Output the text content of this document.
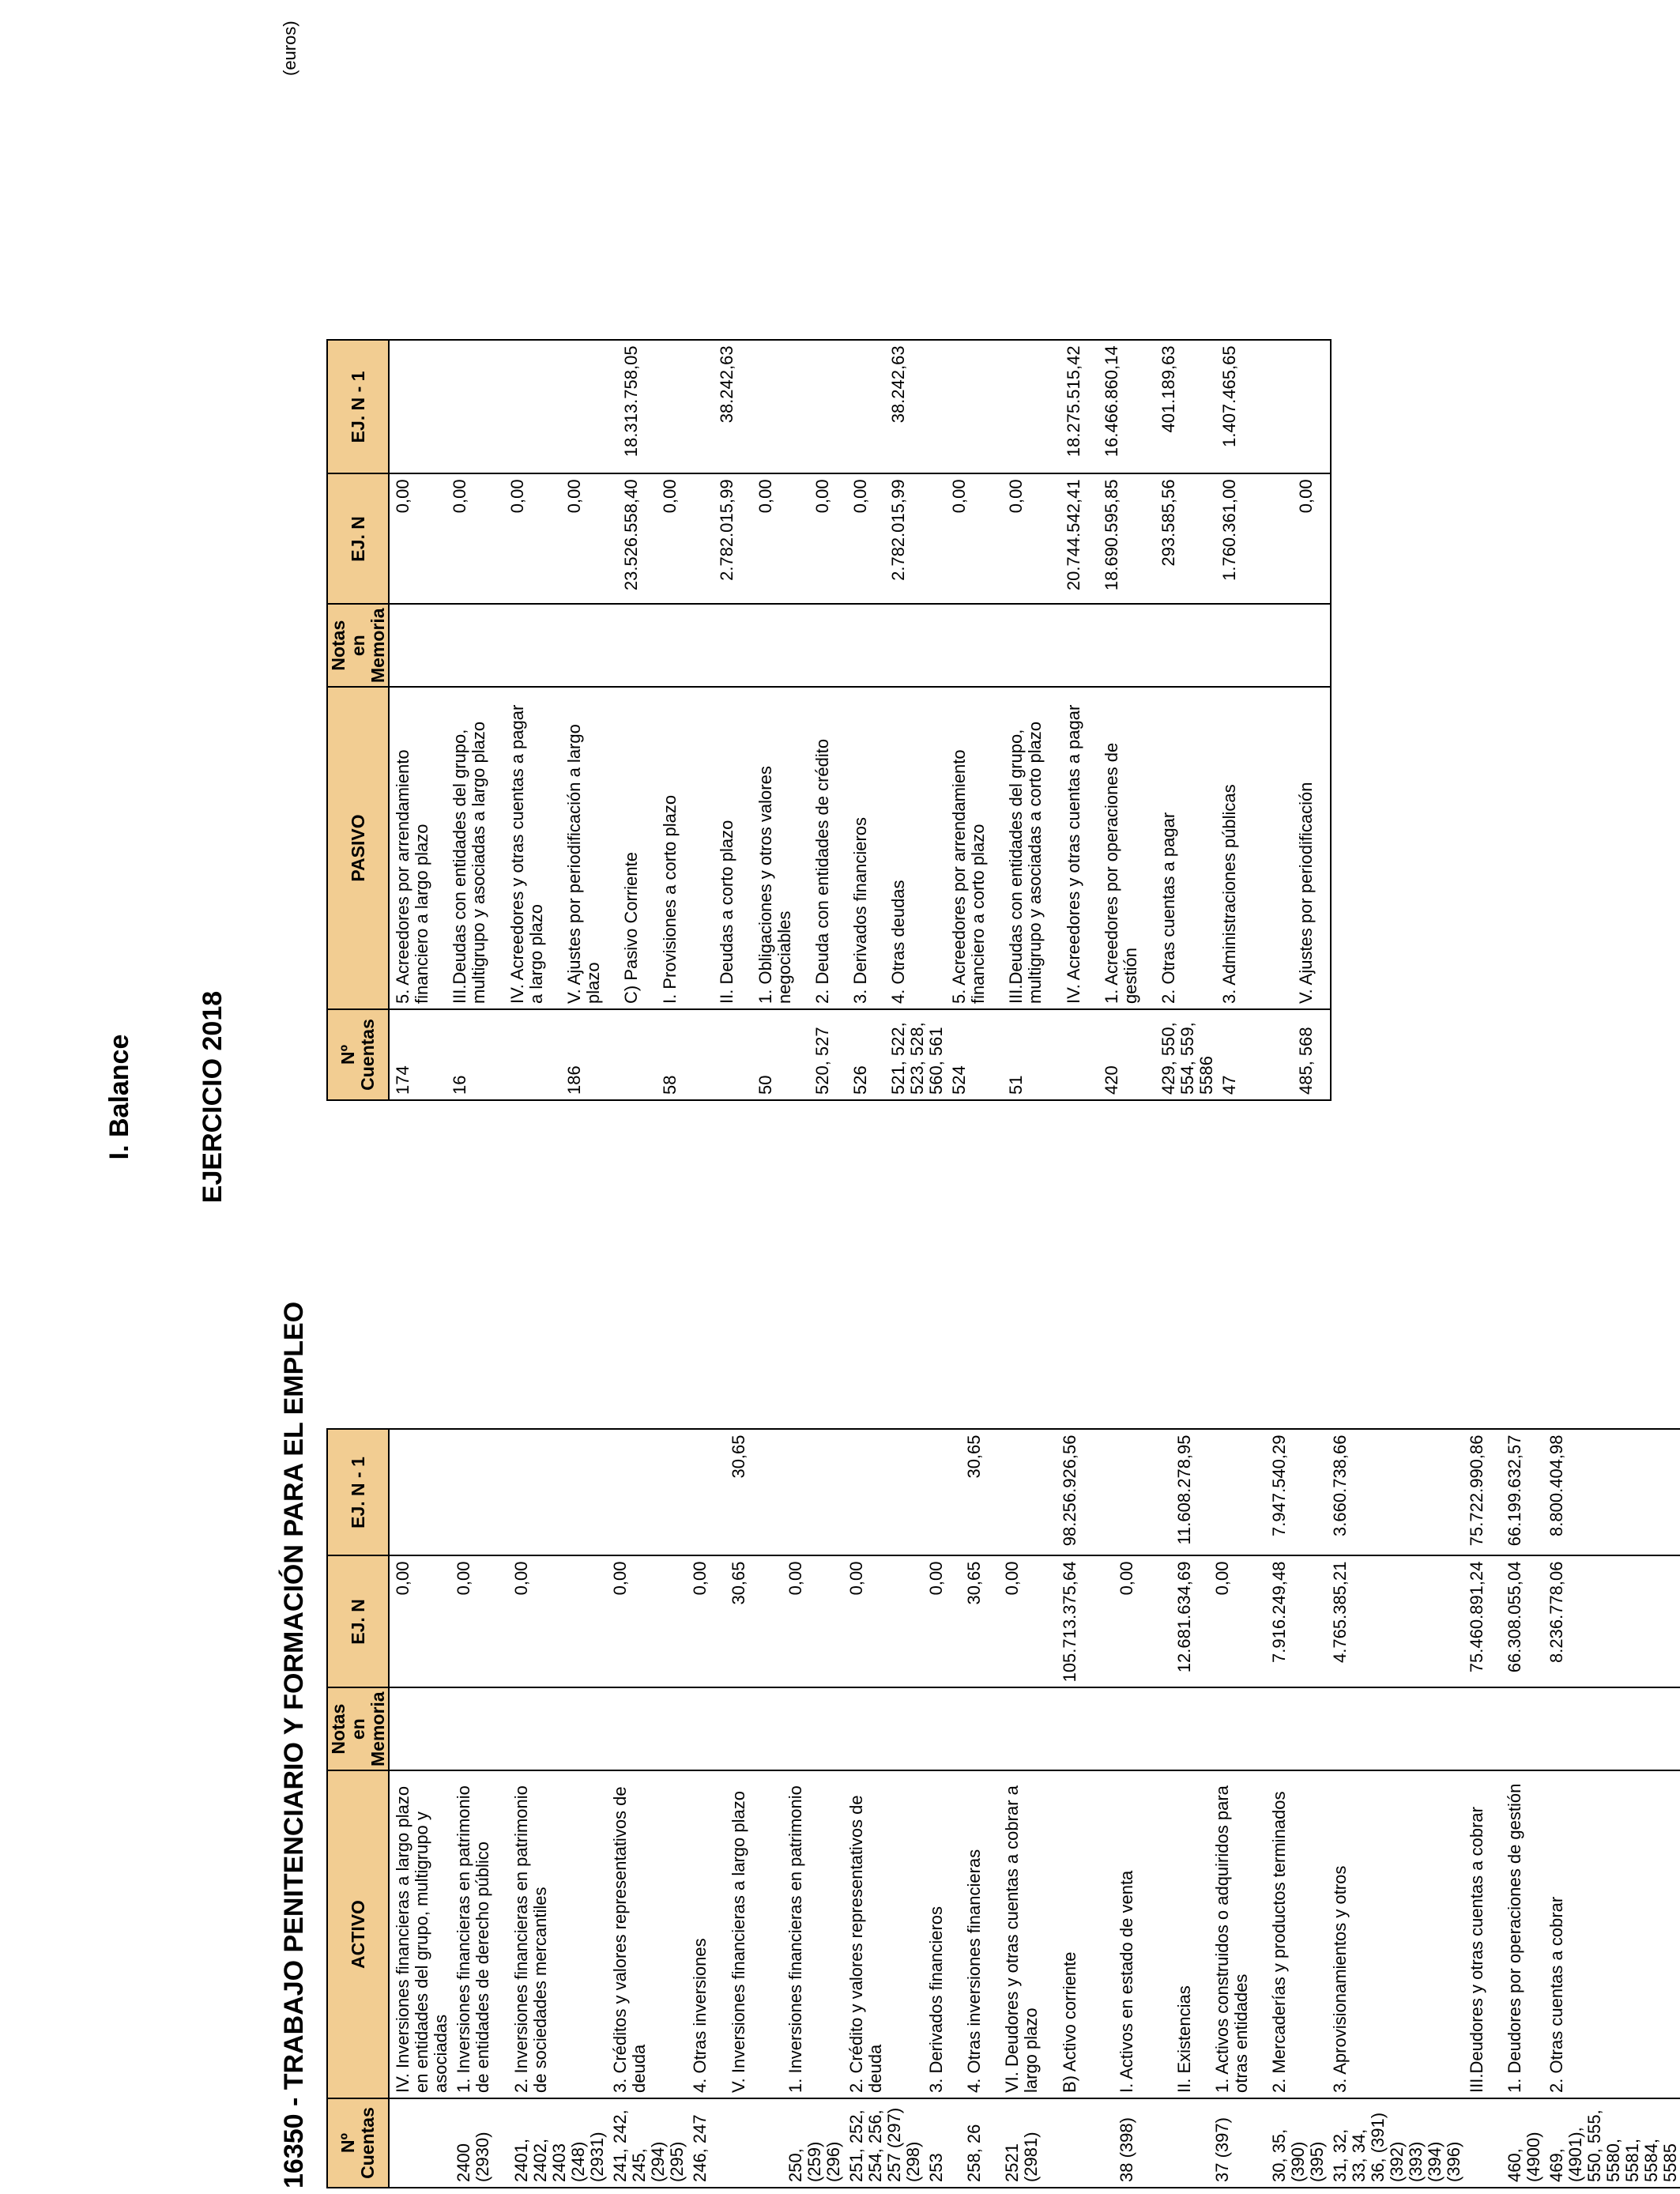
I. Balance EJERCICIO 2018
16350 - TRABAJO PENITENCIARIO Y FORMACIÓN PARA EL EMPLEO
(euros)
Nº Cuentas	ACTIVO	Notas en Memoria	EJ. N	EJ. N - 1
	IV. Inversiones financieras a largo plazo en entidades del grupo, multigrupo y asociadas		0,00	
2400 (2930)	1. Inversiones financieras en patrimonio de entidades de derecho público		0,00	
2401, 2402, 2403 (248) (2931)	2. Inversiones financieras en patrimonio de sociedades mercantiles		0,00	
241, 242, 245, (294) (295)	3. Créditos y valores representativos de deuda		0,00	
246, 247	4. Otras inversiones		0,00	
	V. Inversiones financieras a largo plazo		30,65	30,65
250, (259) (296)	1. Inversiones financieras en patrimonio		0,00	
251, 252, 254, 256, 257 (297) (298)	2. Crédito y valores representativos de deuda		0,00	
253	3. Derivados financieros		0,00	
258, 26	4. Otras inversiones financieras		30,65	30,65
2521 (2981)	VI. Deudores y otras cuentas a cobrar a largo plazo		0,00	
	B) Activo corriente		105.713.375,64	98.256.926,56
38 (398)	I. Activos en estado de venta		0,00	
	II. Existencias		12.681.634,69	11.608.278,95
37 (397)	1. Activos construidos o adquiridos para otras entidades		0,00	
30, 35, (390) (395)	2. Mercaderías y productos terminados		7.916.249,48	7.947.540,29
31, 32, 33, 34, 36, (391) (392) (393) (394) (396)	3. Aprovisionamientos y otros		4.765.385,21	3.660.738,66
	III.Deudores y otras cuentas a cobrar		75.460.891,24	75.722.990,86
460, (4900)	1. Deudores por operaciones de gestión		66.308.055,04	66.199.632,57
469, (4901), 550, 555, 5580, 5581, 5584, 5585	2. Otras cuentas a cobrar		8.236.778,06	8.800.404,98
Nº Cuentas	PASIVO	Notas en Memoria	EJ. N	EJ. N - 1
174	5. Acreedores por arrendamiento financiero a largo plazo		0,00	
16	III.Deudas con entidades del grupo, multigrupo y asociadas a largo plazo		0,00	
	IV. Acreedores y otras cuentas a pagar a largo plazo		0,00	
186	V. Ajustes por periodificación a largo plazo		0,00	
	C) Pasivo Corriente		23.526.558,40	18.313.758,05
58	I. Provisiones a corto plazo		0,00	
	II. Deudas a corto plazo		2.782.015,99	38.242,63
50	1. Obligaciones y otros valores negociables		0,00	
520, 527	2. Deuda con entidades de crédito		0,00	
526	3. Derivados financieros		0,00	
521, 522, 523, 528, 560, 561	4. Otras deudas		2.782.015,99	38.242,63
524	5. Acreedores por arrendamiento financiero a corto plazo		0,00	
51	III.Deudas con entidades del grupo, multigrupo y asociadas a corto plazo		0,00	
	IV. Acreedores y otras cuentas a pagar		20.744.542,41	18.275.515,42
420	1. Acreedores por operaciones de gestión		18.690.595,85	16.466.860,14
429, 550, 554, 559, 5586	2. Otras cuentas a pagar		293.585,56	401.189,63
47	3. Administraciones públicas		1.760.361,00	1.407.465,65
485, 568	V. Ajustes por periodificación		0,00	
